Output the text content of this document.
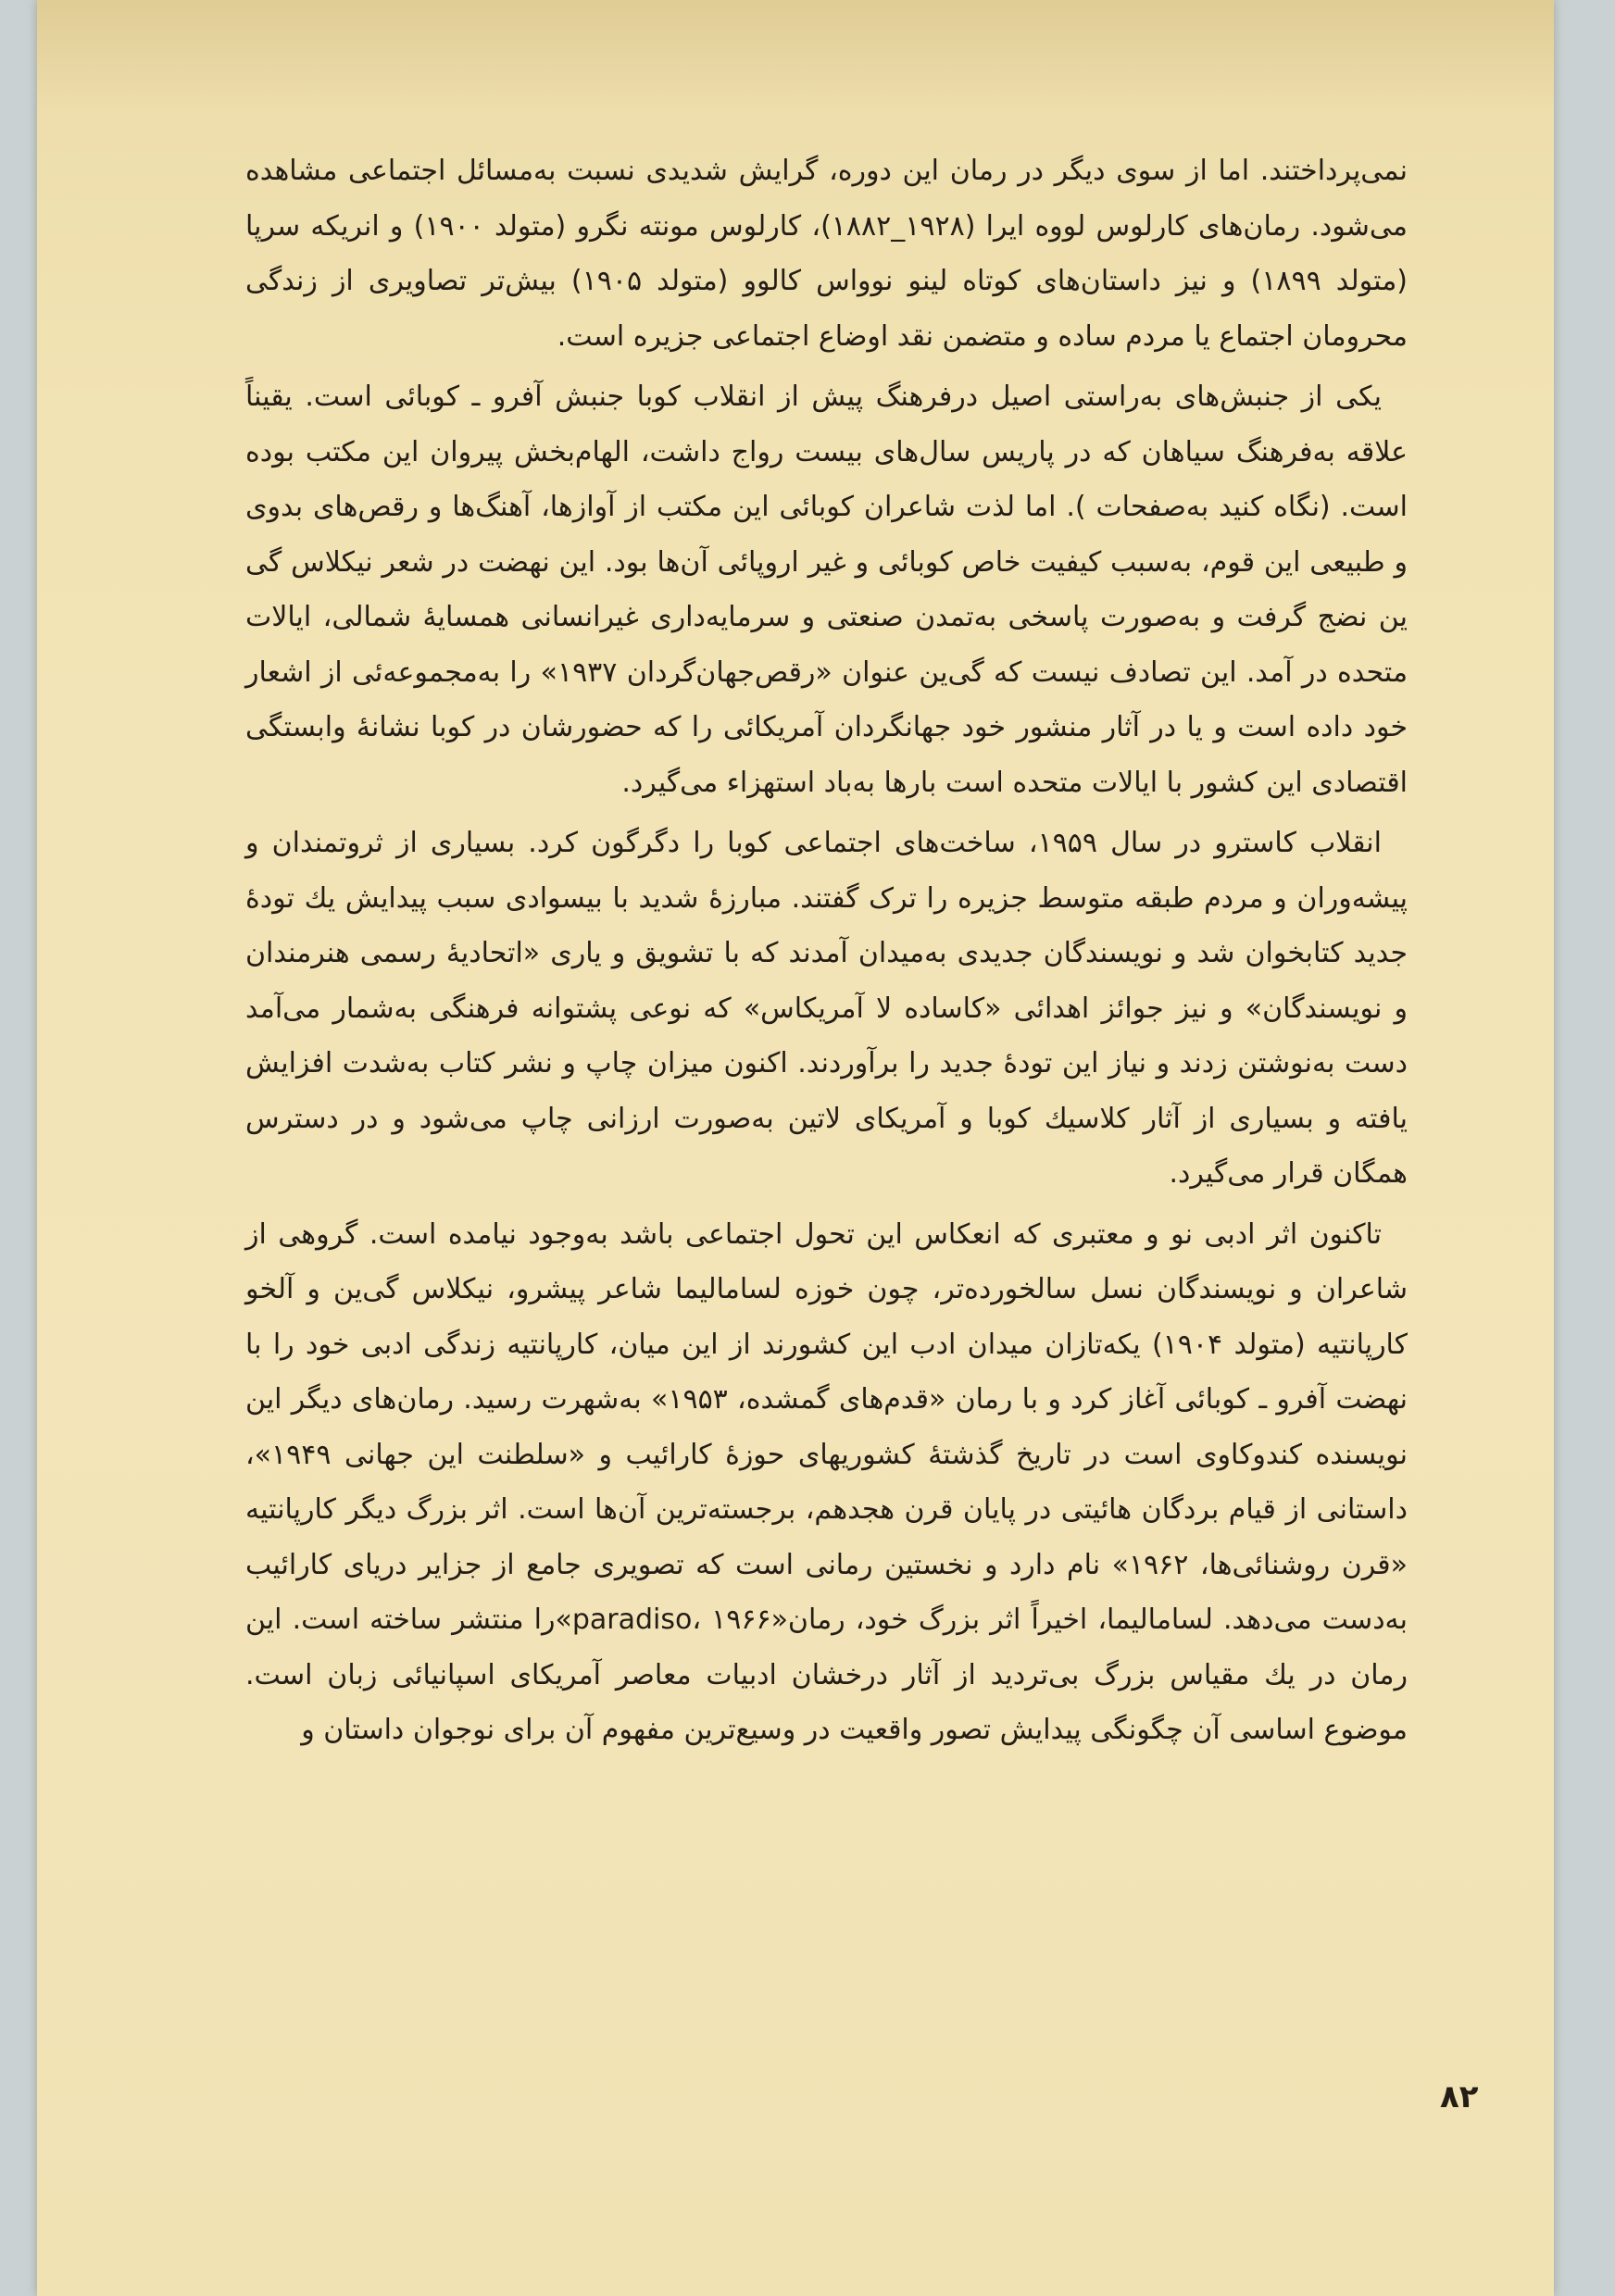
نمی‌پرداختند. اما از سوی دیگر در رمان این دوره، گرایش شدیدی نسبت به‌مسائل اجتماعی مشاهده می‌شود. رمان‌های کارلوس لووه ایرا (۱۹۲۸_۱۸۸۲)، کارلوس مونته نگرو (متولد ۱۹۰۰) و انریکه سرپا (متولد ۱۸۹۹) و نیز داستان‌های کوتاه لینو نوواس کالوو (متولد ۱۹۰۵) بیش‌تر تصاویری از زندگی محرومان اجتماع یا مردم ساده و متضمن نقد اوضاع اجتماعی جزیره است.

یکی از جنبش‌های به‌راستی اصیل درفرهنگ پیش از انقلاب کوبا جنبش آفرو ـ کوبائی است. یقیناً علاقه به‌فرهنگ سیاهان که در پاریس سال‌های بیست رواج داشت، الهام‌بخش پیروان این مکتب بوده است. (نگاه کنید به‌صفحات ). اما لذت شاعران کوبائی این مکتب از آوازها، آهنگ‌ها و رقص‌های بدوی و طبیعی این قوم، به‌سبب کیفیت خاص کوبائی و غیر اروپائی آن‌ها بود. این نهضت در شعر نیکلاس گی ین نضج گرفت و به‌صورت پاسخی به‌تمدن صنعتی و سرمایه‌داری غیرانسانی همسایهٔ شمالی، ایالات متحده در آمد. این تصادف نیست که گی‌ین عنوان «رقص‌جهان‌گردان ۱۹۳۷» را به‌مجموعه‌ئی از اشعار خود داده است و یا در آثار منشور خود جهانگردان آمریکائی را که حضورشان در کوبا نشانهٔ وابستگی اقتصادی این کشور با ایالات متحده است بارها به‌باد استهزاء می‌گیرد.

انقلاب کاسترو در سال ۱۹۵۹، ساخت‌های اجتماعی کوبا را دگرگون کرد. بسیاری از ثروتمندان و پیشه‌وران و مردم طبقه متوسط جزیره را ترک گفتند. مبارزهٔ شدید با بیسوادی سبب پیدایش یك تودهٔ جدید کتابخوان شد و نویسندگان جدیدی به‌میدان آمدند که با تشویق و یاری «اتحادیهٔ رسمی هنرمندان و نویسندگان» و نیز جوائز اهدائی «کاساده لا آمریکاس» که نوعی پشتوانه فرهنگی به‌شمار می‌آمد دست به‌نوشتن زدند و نیاز این تودهٔ جدید را برآوردند. اکنون میزان چاپ و نشر کتاب به‌شدت افزایش یافته و بسیاری از آثار کلاسیك کوبا و آمریکای لاتین به‌صورت ارزانی چاپ می‌شود و در دسترس همگان قرار می‌گیرد.

تاکنون اثر ادبی نو و معتبری که انعکاس این تحول اجتماعی باشد به‌وجود نیامده است. گروهی از شاعران و نویسندگان نسل سالخورده‌تر، چون خوزه لساماليما شاعر پیشرو، نیکلاس گی‌ین و آلخو کارپانتیه (متولد ۱۹۰۴) یکه‌تازان میدان ادب این کشورند از این میان، کارپانتیه زندگی ادبی خود را با نهضت آفرو ـ کوبائی آغاز کرد و با رمان «قدم‌های گمشده، ۱۹۵۳» به‌شهرت رسید. رمان‌های دیگر این نویسنده کندوکاوی است در تاریخ گذشتهٔ کشوریهای حوزهٔ کارائیب و «سلطنت این جهانی ۱۹۴۹»، داستانی از قیام بردگان هائیتی در پایان قرن هجدهم، برجسته‌ترین آن‌ها است. اثر بزرگ دیگر کارپانتیه «قرن روشنائی‌ها، ۱۹۶۲» نام دارد و نخستین رمانی است که تصویری جامع از جزایر دریای کارائیب به‌دست می‌دهد. لساماليما، اخیراً اثر بزرگ خود، رمان«paradiso، ۱۹۶۶»را منتشر ساخته است. این رمان در یك مقیاس بزرگ بی‌تردید از آثار درخشان ادبیات معاصر آمریکای اسپانیائی زبان است. موضوع اساسی آن چگونگی پیدایش تصور واقعیت در وسیع‌ترین مفهوم آن برای نوجوان داستان و

۸۲
